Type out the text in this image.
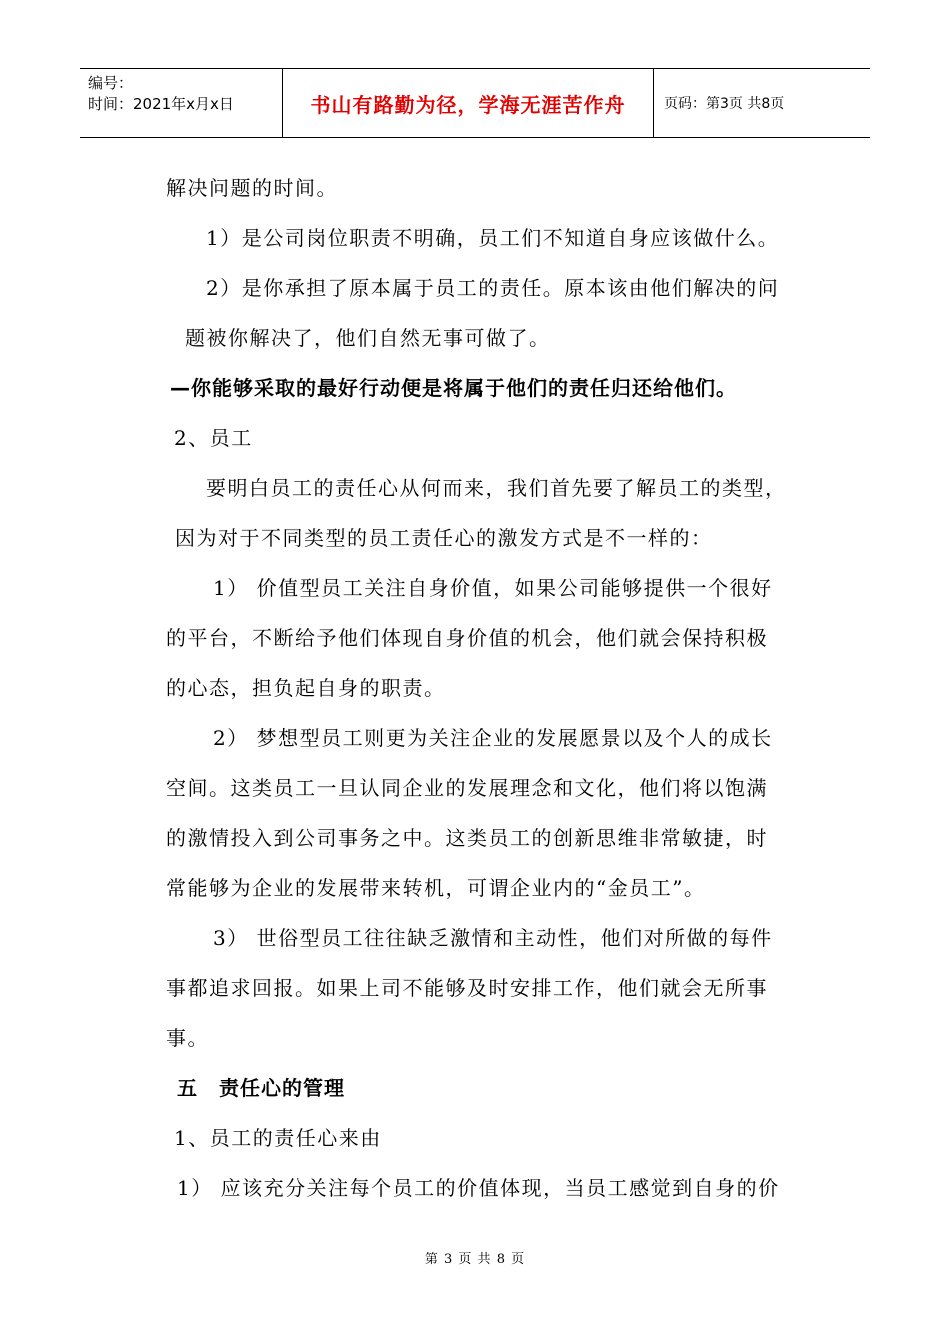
编号：
时间：2021年x月x日	书山有路勤为径，学海无涯苦作舟	页码：第3页 共8页
解决问题的时间。
1）是公司岗位职责不明确，员工们不知道自身应该做什么。
2）是你承担了原本属于员工的责任。原本该由他们解决的问
题被你解决了，他们自然无事可做了。
—你能够采取的最好行动便是将属于他们的责任归还给他们。
2、员工
要明白员工的责任心从何而来，我们首先要了解员工的类型，
因为对于不同类型的员工责任心的激发方式是不一样的：
1） 价值型员工关注自身价值，如果公司能够提供一个很好
的平台，不断给予他们体现自身价值的机会，他们就会保持积极
的心态，担负起自身的职责。
2） 梦想型员工则更为关注企业的发展愿景以及个人的成长
空间。这类员工一旦认同企业的发展理念和文化，他们将以饱满
的激情投入到公司事务之中。这类员工的创新思维非常敏捷，时
常能够为企业的发展带来转机，可谓企业内的“金员工”。
3） 世俗型员工往往缺乏激情和主动性，他们对所做的每件
事都追求回报。如果上司不能够及时安排工作，他们就会无所事
事。
五　责任心的管理
1、员工的责任心来由
1） 应该充分关注每个员工的价值体现，当员工感觉到自身的价
第 3 页 共 8 页
